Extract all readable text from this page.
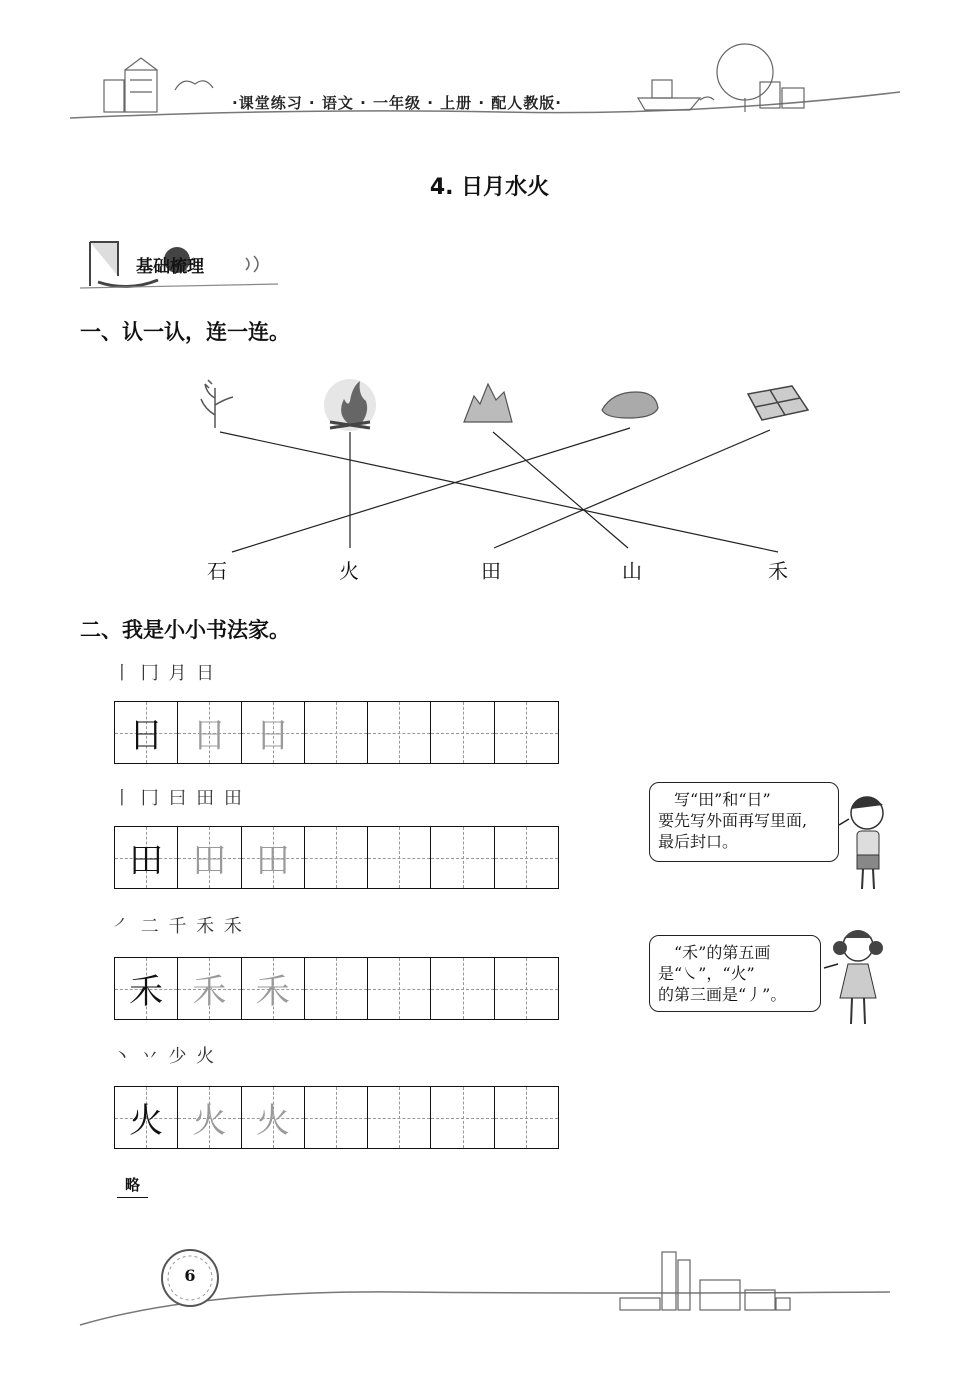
·课堂练习 · 语文 · 一年级 · 上册 · 配人教版·
4. 日月水火
基础梳理
一、认一认，连一连。
石	火	田	山	禾
二、我是小小书法家。
丨 冂 月 日
日 日 日
丨 冂 曰 田 田
田 田 田
㇒ 二 千 禾 禾
禾 禾 禾
丶 丷 少 火
火 火 火
　写“田”和“日”
要先写外面再写里面,
最后封口。
　“禾”的第五画
是“㇏”，“火”
的第三画是“丿”。
略
6
